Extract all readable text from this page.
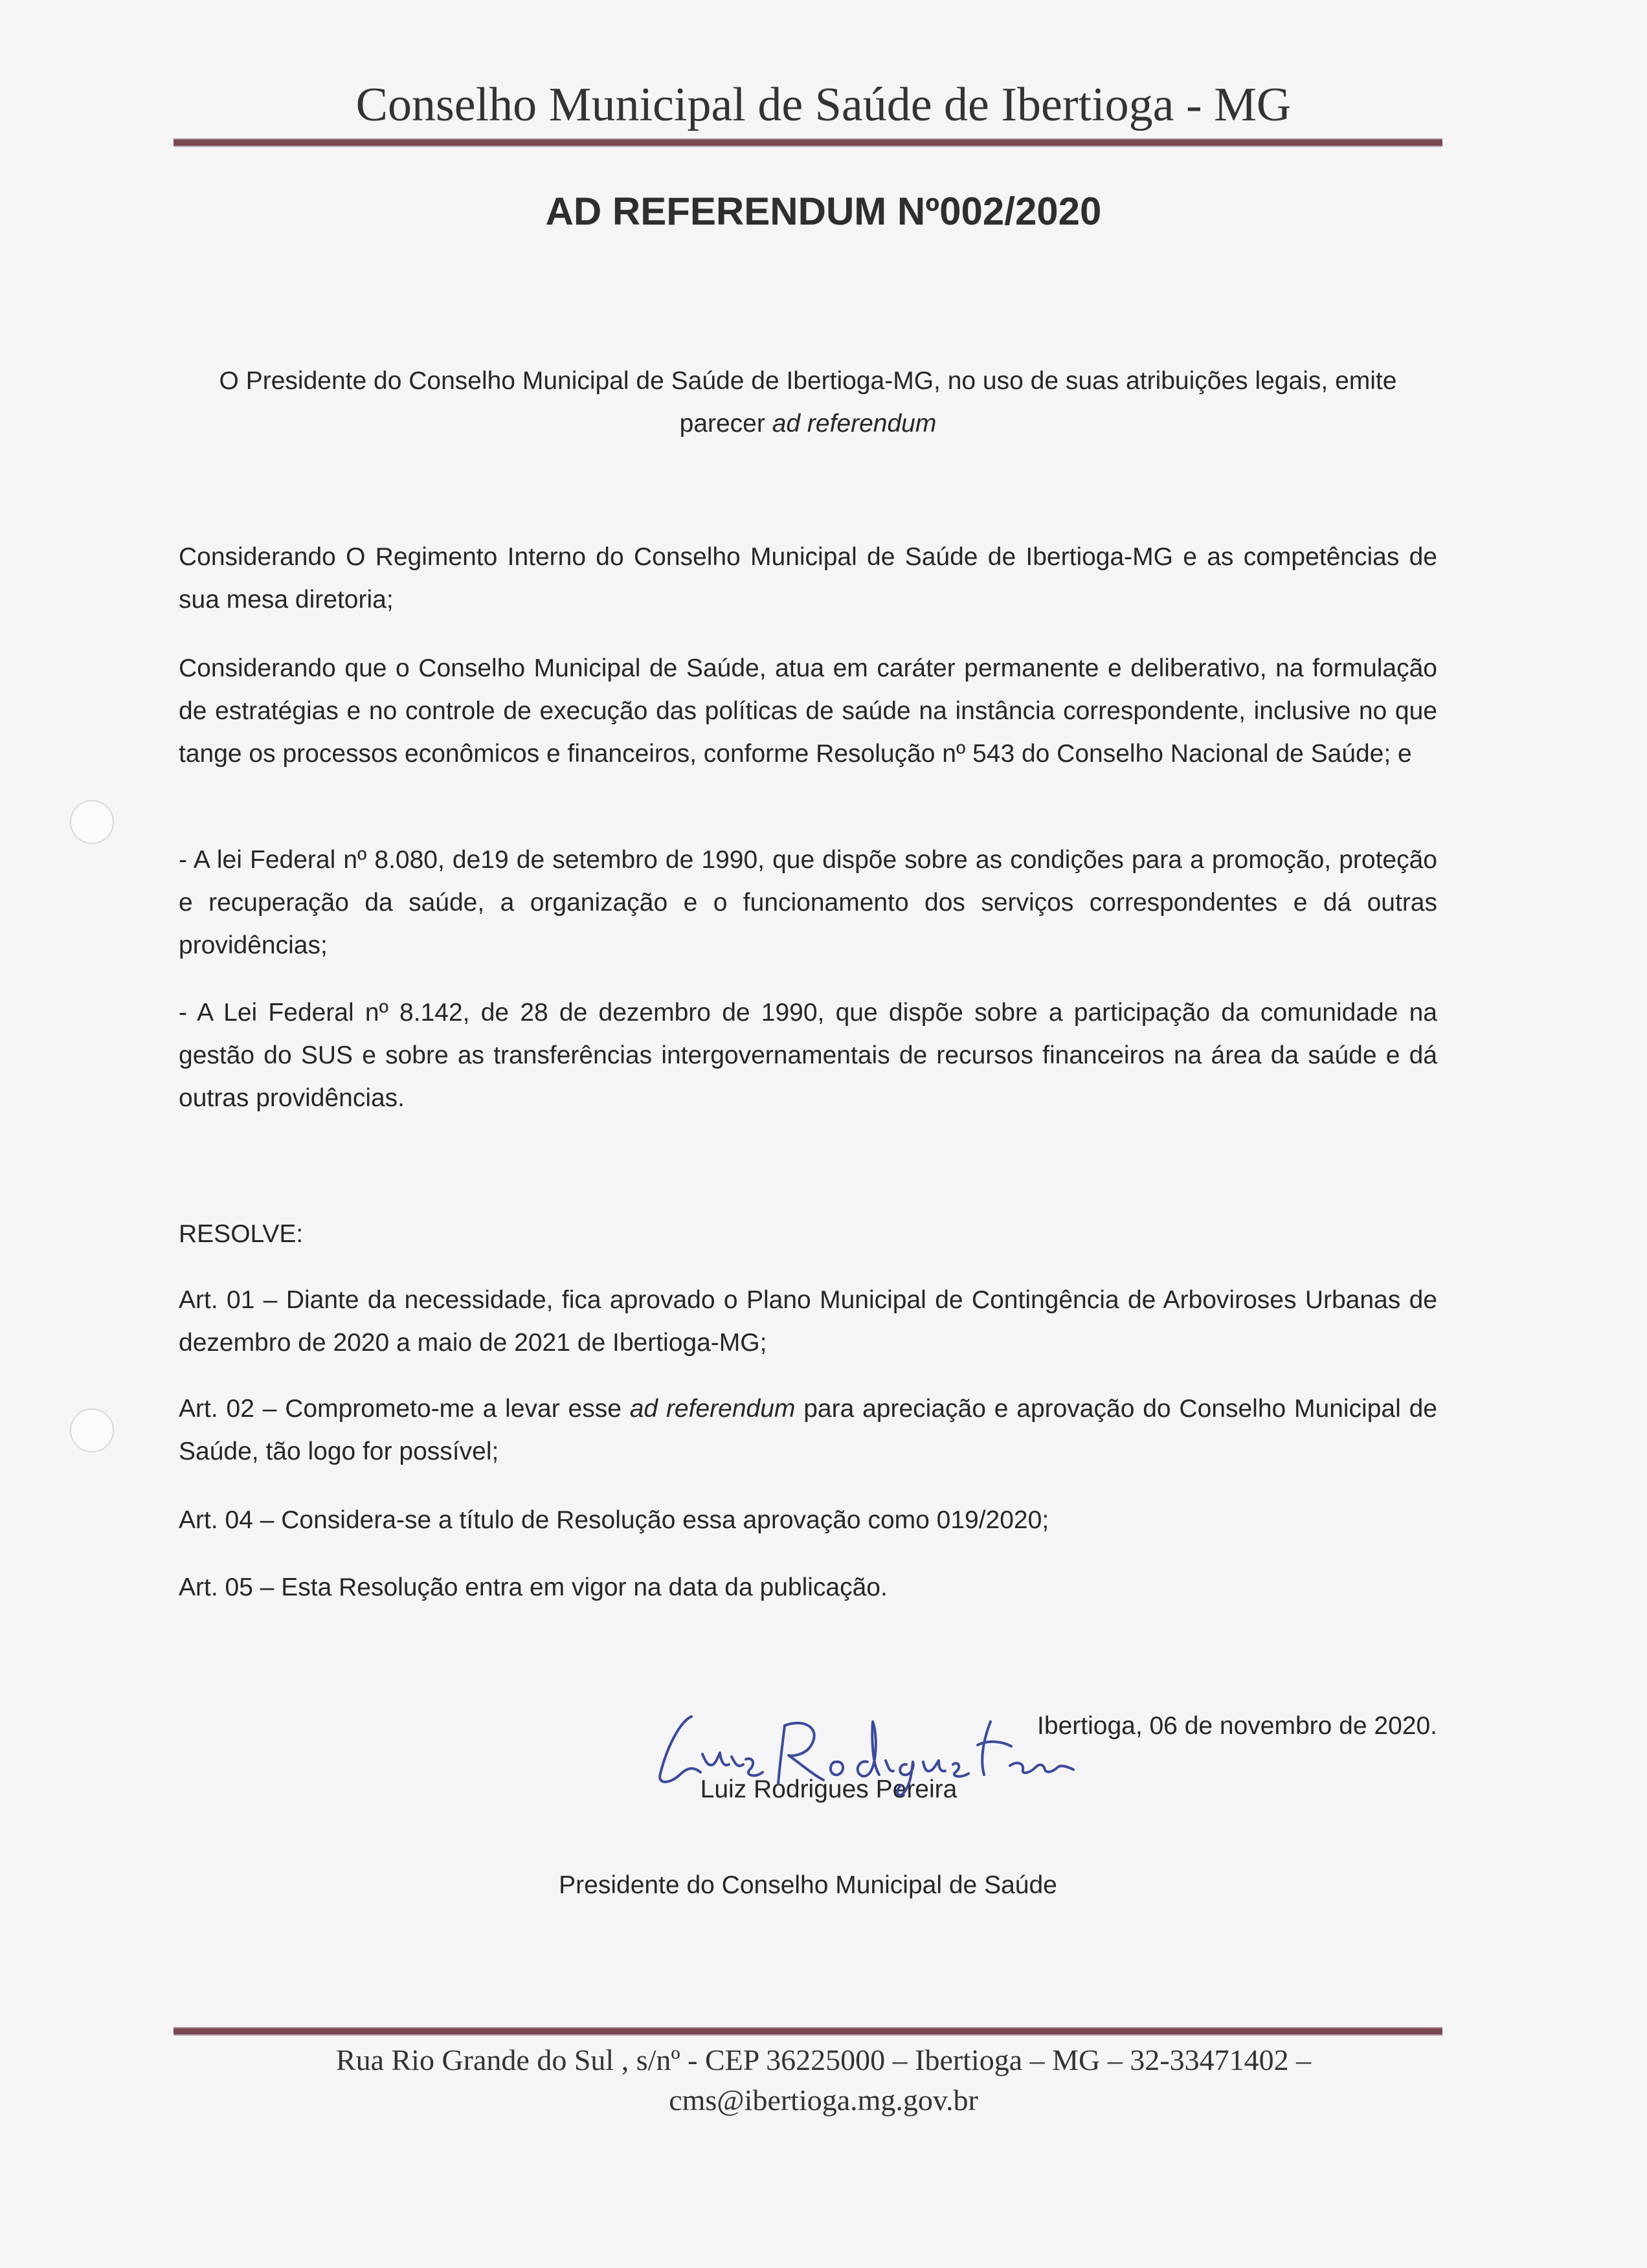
Conselho Municipal de Saúde de Ibertioga - MG
AD REFERENDUM Nº002/2020
O Presidente do Conselho Municipal de Saúde de Ibertioga-MG, no uso de suas atribuições legais, emite parecer ad referendum

Considerando O Regimento Interno do Conselho Municipal de Saúde de Ibertioga-MG e as competências de sua mesa diretoria;

Considerando que o Conselho Municipal de Saúde, atua em caráter permanente e deliberativo, na formulação de estratégias e no controle de execução das políticas de saúde na instância correspondente, inclusive no que tange os processos econômicos e financeiros, conforme Resolução nº 543 do Conselho Nacional de Saúde; e

- A lei Federal nº 8.080, de19 de setembro de 1990, que dispõe sobre as condições para a promoção, proteção e recuperação da saúde, a organização e o funcionamento dos serviços correspondentes e dá outras providências;

- A Lei Federal nº 8.142, de 28 de dezembro de 1990, que dispõe sobre a participação da comunidade na gestão do SUS e sobre as transferências intergovernamentais de recursos financeiros na área da saúde e dá outras providências.

RESOLVE:

Art. 01 – Diante da necessidade, fica aprovado o Plano Municipal de Contingência de Arboviroses Urbanas de dezembro de 2020 a maio de 2021 de Ibertioga-MG;

Art. 02 – Comprometo-me a levar esse ad referendum para apreciação e aprovação do Conselho Municipal de Saúde, tão logo for possível;

Art. 04 – Considera-se a título de Resolução essa aprovação como 019/2020;

Art. 05 – Esta Resolução entra em vigor na data da publicação.

Ibertioga, 06 de novembro de 2020.
Luiz Rodrigues Pereira
Presidente do Conselho Municipal de Saúde
Rua Rio Grande do Sul , s/nº - CEP 36225000 – Ibertioga – MG – 32-33471402 –
cms@ibertioga.mg.gov.br
